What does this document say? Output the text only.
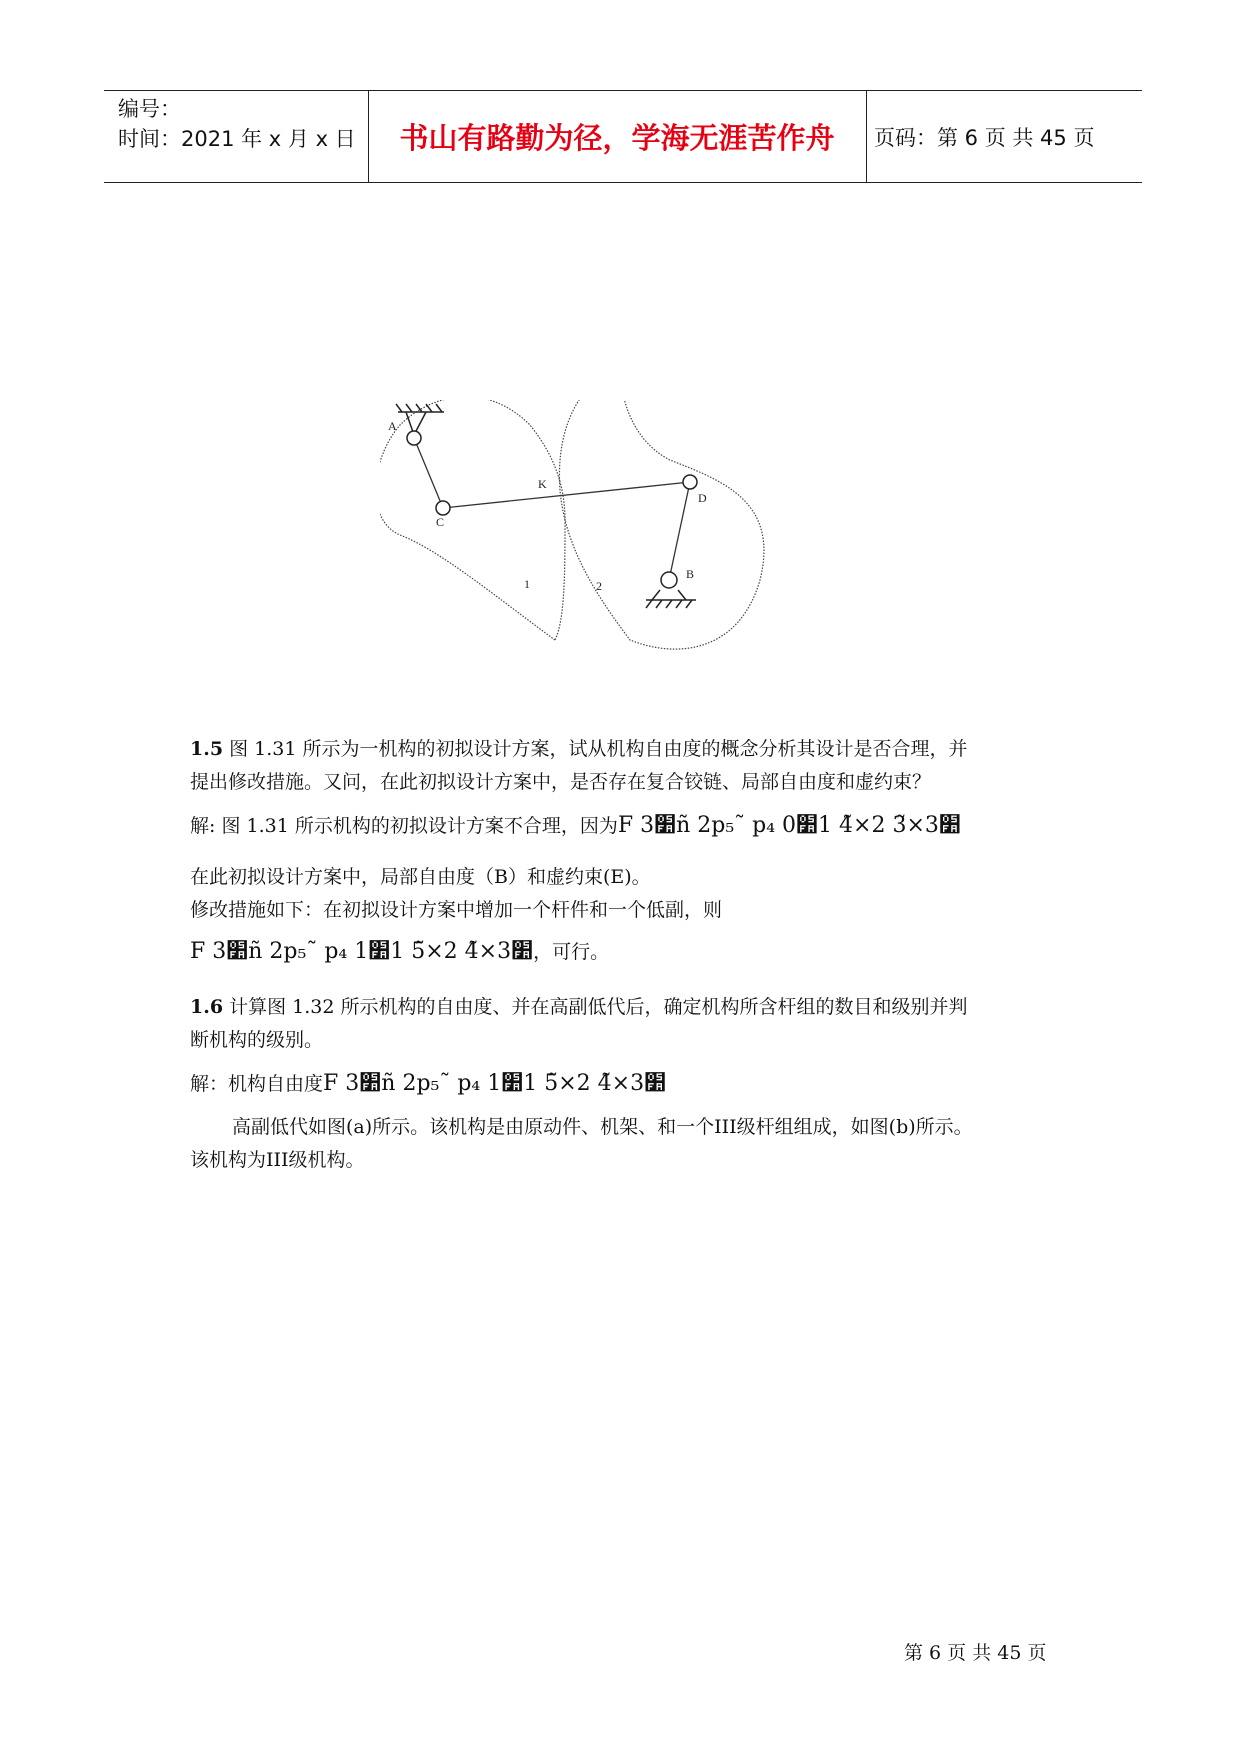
编号：
时间：2021 年 x 月 x 日	书山有路勤为径，学海无涯苦作舟	页码：第 6 页 共 45 页
A
C
K
D
B
1	2

1.5 图 1.31 所示为一机构的初拟设计方案，试从机构自由度的概念分析其设计是否合理，并

提出修改措施。又问，在此初拟设计方案中，是否存在复合铰链、局部自由度和虚约束？

解: 图 1.31 所示机构的初拟设计方案不合理，因为F ׺3ñ 2p₅˜ p₄ ׺3×3̃ 2×4̃ 1׺0

在此初拟设计方案中，局部自由度（B）和虚约束(E)。

修改措施如下：在初拟设计方案中增加一个杆件和一个低副，则

F ׺3ñ 2p₅˜ p₄ ׺3×4̃ 2×5̃ 1׺1，可行。

1.6 计算图 1.32 所示机构的自由度、并在高副低代后，确定机构所含杆组的数目和级别并判

断机构的级别。

解：机构自由度F ׺3ñ 2p₅˜ p₄ ׺3×4̃ 2×5̃ 1׺1

高副低代如图(a)所示。该机构是由原动件、机架、和一个III级杆组组成，如图(b)所示。

该机构为III级机构。

第 6 页 共 45 页
